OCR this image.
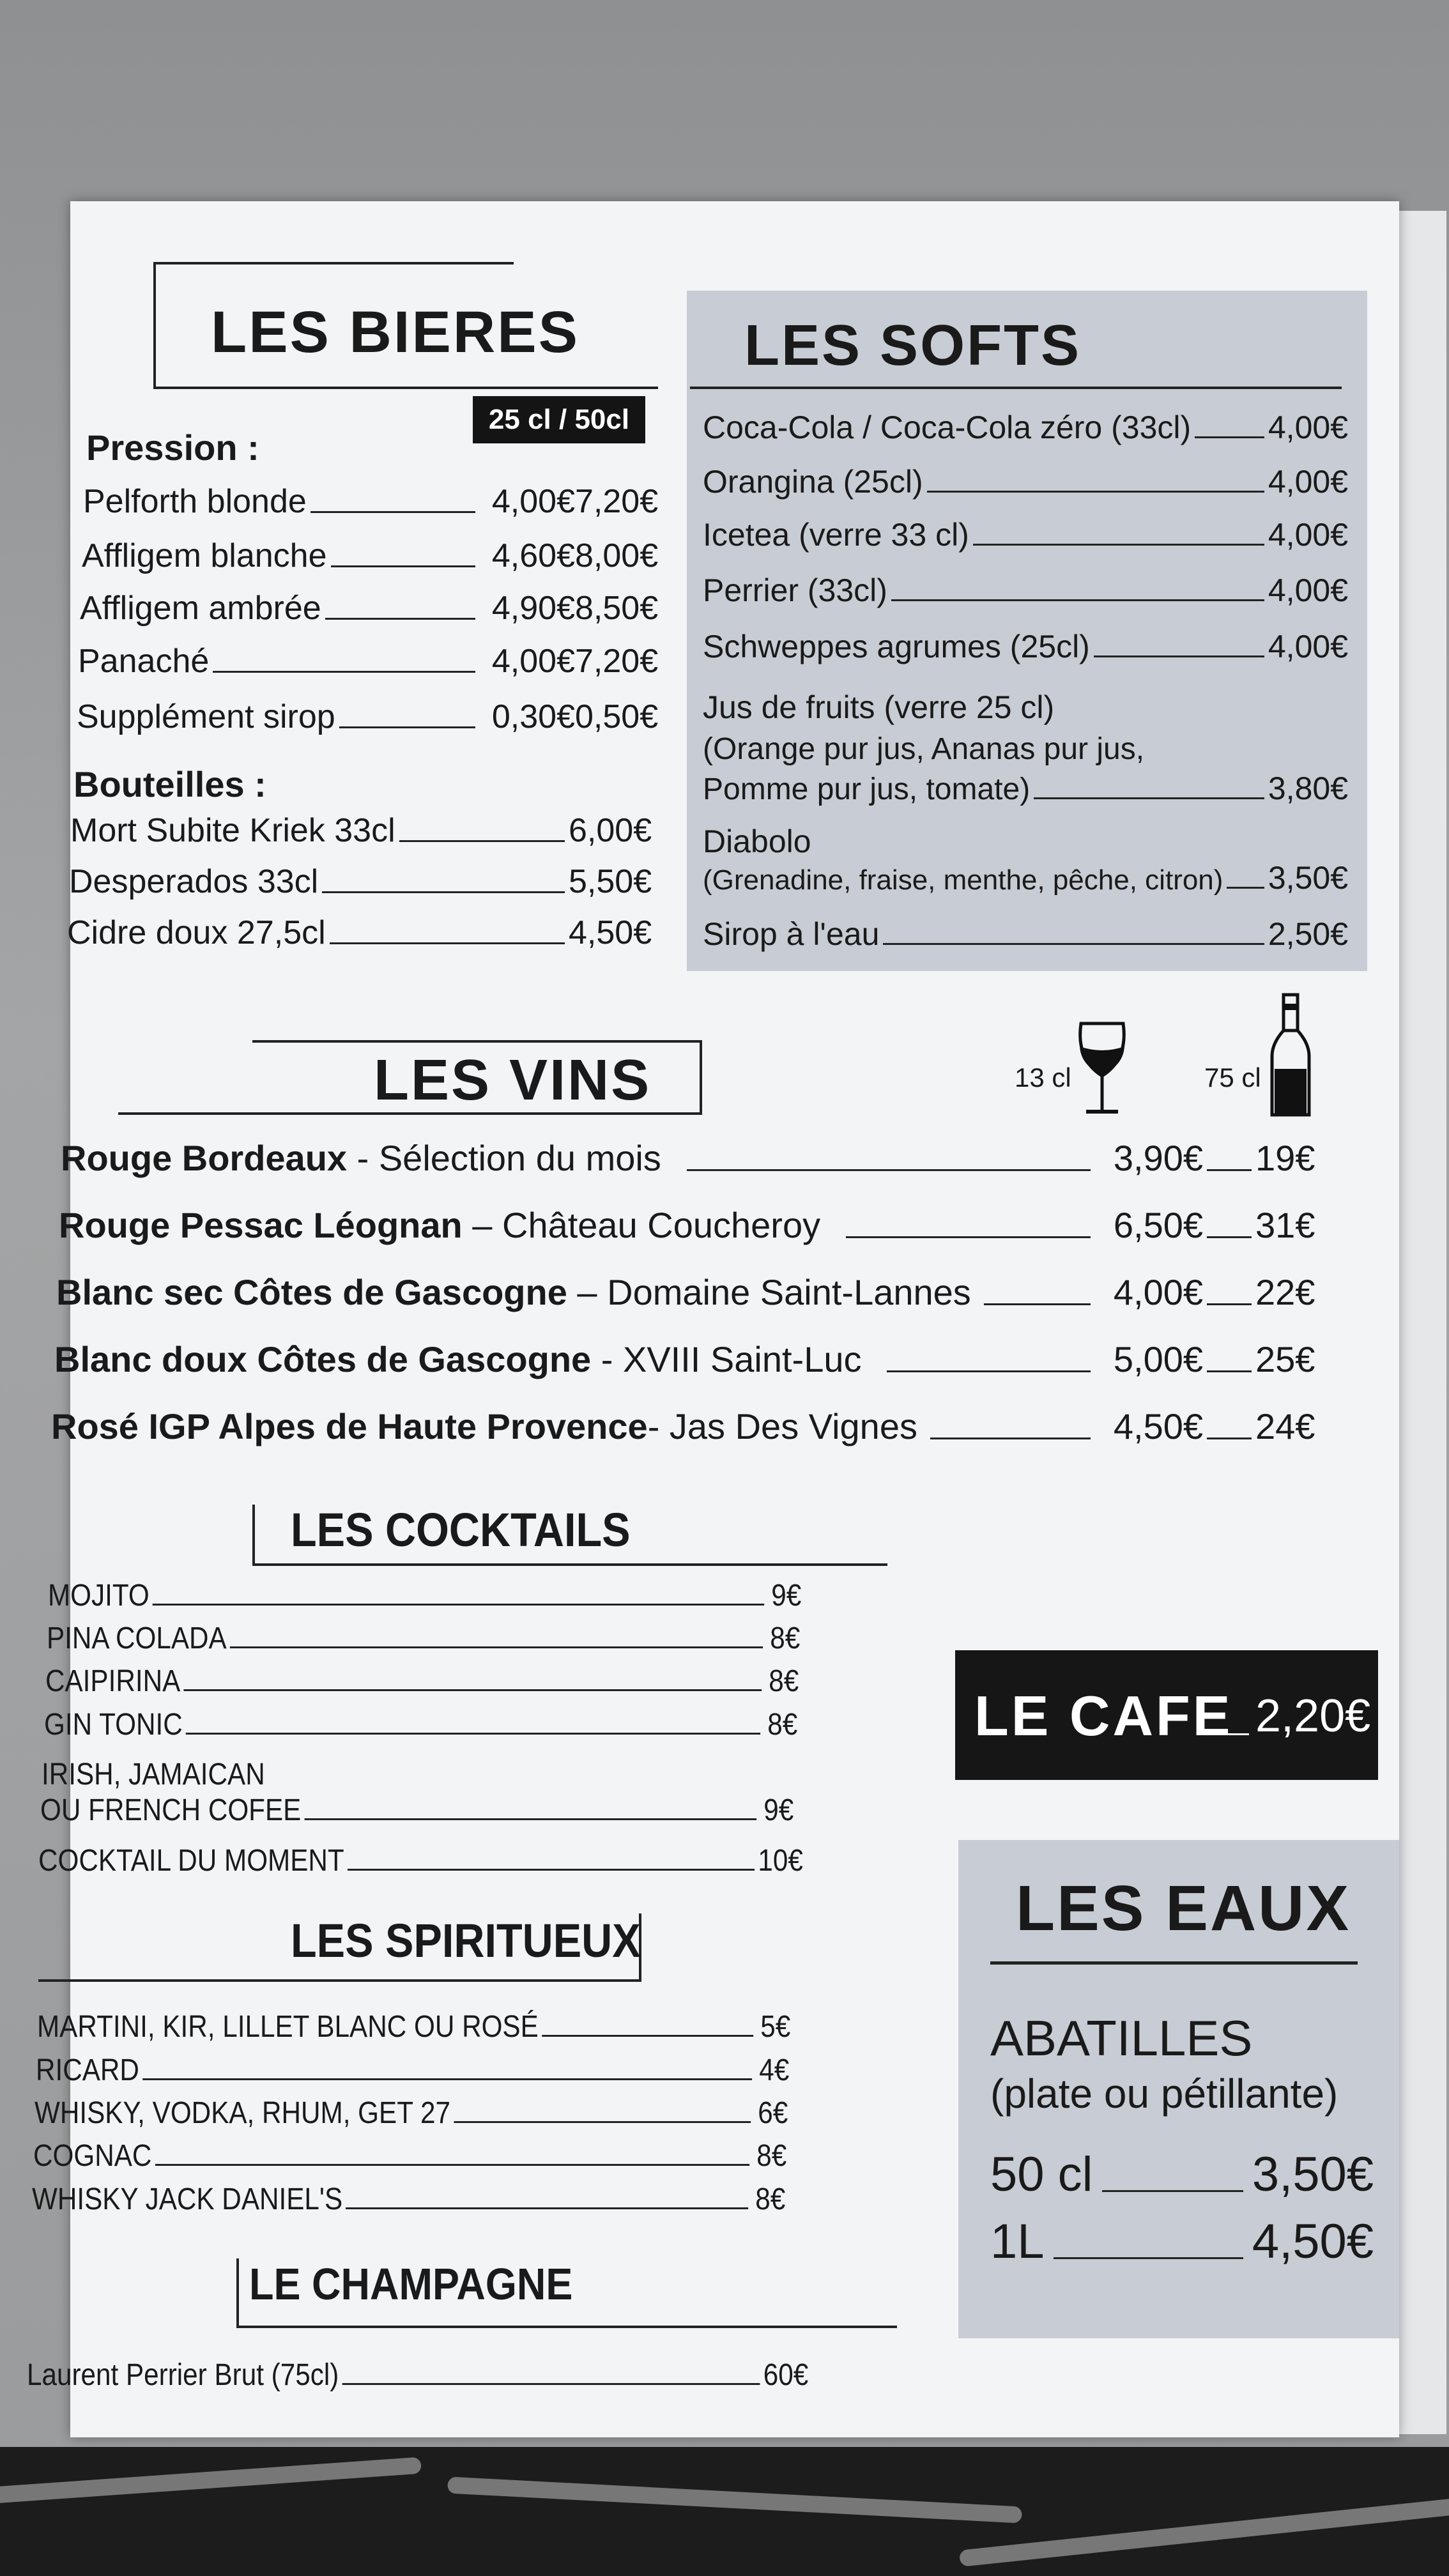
LES BIERES
25 cl / 50cl
Pression :
Pelforth blonde	4,00€ 7,20€
Affligem blanche	4,60€ 8,00€
Affligem ambrée	4,90€ 8,50€
Panaché	4,00€ 7,20€
Supplément sirop	0,30€ 0,50€
Bouteilles :
Mort Subite Kriek 33cl	6,00€
Desperados 33cl	5,50€
Cidre doux 27,5cl	4,50€
LES SOFTS
Coca-Cola / Coca-Cola zéro (33cl) 4,00€
Orangina (25cl)	4,00€
Icetea (verre 33 cl)	4,00€
Perrier (33cl)	4,00€
Schweppes agrumes (25cl)	4,00€
Jus de fruits (verre 25 cl)
(Orange pur jus, Ananas pur jus,
Pomme pur jus, tomate)	3,80€
Diabolo
(Grenadine, fraise, menthe, pêche, citron) 3,50€
Sirop à l'eau	2,50€
LES VINS	13 cl	75 cl
Rouge Bordeaux - Sélection du mois	3,90€ 19€
Rouge Pessac Léognan – Château Coucheroy	6,50€ 31€
Blanc sec Côtes de Gascogne – Domaine Saint-Lannes	4,00€ 22€
Blanc doux Côtes de Gascogne - XVIII Saint-Luc	5,00€ 25€
Rosé IGP Alpes de Haute Provence- Jas Des Vignes	4,50€ 24€
LES COCKTAILS
MOJITO	9€
PINA COLADA	8€
CAIPIRINA	8€
GIN TONIC	8€
IRISH, JAMAICAN
OU FRENCH COFEE	9€
COCKTAIL DU MOMENT	10€
LES SPIRITUEUX
MARTINI, KIR, LILLET BLANC OU ROSÉ	5€
RICARD	4€
WHISKY, VODKA, RHUM, GET 27	6€
COGNAC	8€
WHISKY JACK DANIEL'S	8€
LE CHAMPAGNE
Laurent Perrier Brut (75cl)	60€
LE CAFE 2,20€
LES EAUX
ABATILLES
(plate ou pétillante)
50 cl	3,50€
1L	4,50€
